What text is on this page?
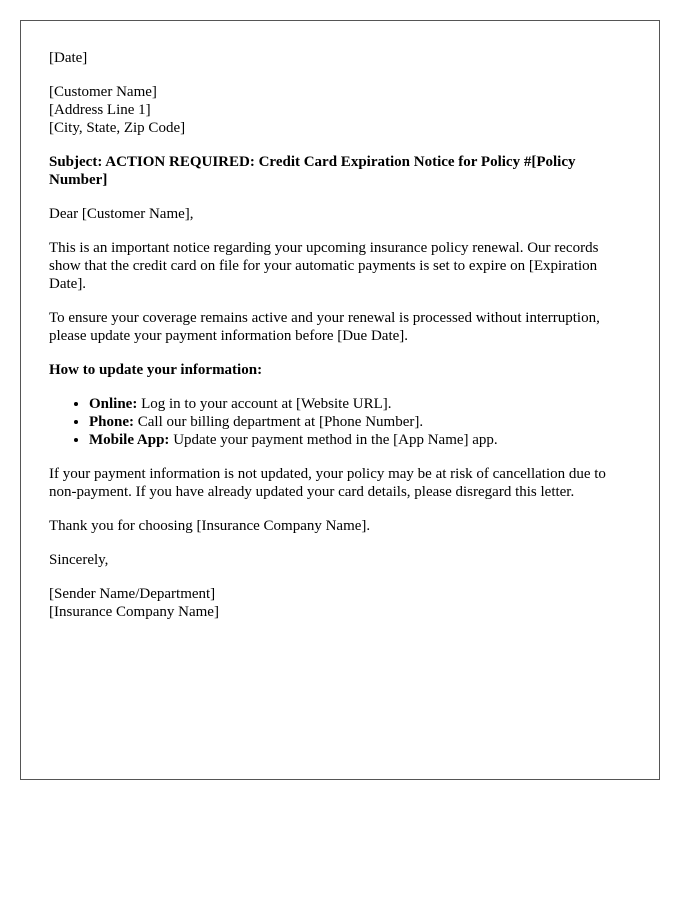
[Date]
[Customer Name]
[Address Line 1]
[City, State, Zip Code]
Subject: ACTION REQUIRED: Credit Card Expiration Notice for Policy #[Policy Number]
Dear [Customer Name],
This is an important notice regarding your upcoming insurance policy renewal. Our records show that the credit card on file for your automatic payments is set to expire on [Expiration Date].
To ensure your coverage remains active and your renewal is processed without interruption, please update your payment information before [Due Date].
How to update your information:
• Online: Log in to your account at [Website URL].
• Phone: Call our billing department at [Phone Number].
• Mobile App: Update your payment method in the [App Name] app.
If your payment information is not updated, your policy may be at risk of cancellation due to non-payment. If you have already updated your card details, please disregard this letter.
Thank you for choosing [Insurance Company Name].
Sincerely,
[Sender Name/Department]
[Insurance Company Name]
